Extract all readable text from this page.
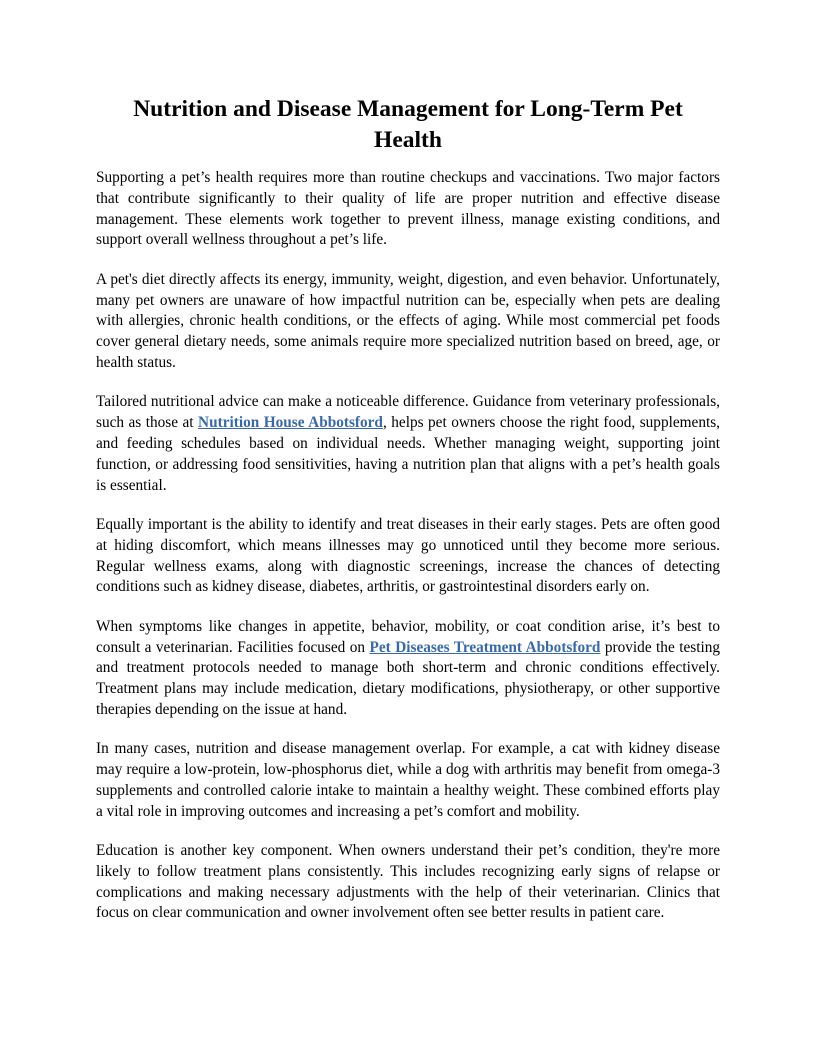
Nutrition and Disease Management for Long-Term Pet Health

Supporting a pet’s health requires more than routine checkups and vaccinations. Two major factors that contribute significantly to their quality of life are proper nutrition and effective disease management. These elements work together to prevent illness, manage existing conditions, and support overall wellness throughout a pet’s life.

A pet's diet directly affects its energy, immunity, weight, digestion, and even behavior. Unfortunately, many pet owners are unaware of how impactful nutrition can be, especially when pets are dealing with allergies, chronic health conditions, or the effects of aging. While most commercial pet foods cover general dietary needs, some animals require more specialized nutrition based on breed, age, or health status.

Tailored nutritional advice can make a noticeable difference. Guidance from veterinary professionals, such as those at Nutrition House Abbotsford, helps pet owners choose the right food, supplements, and feeding schedules based on individual needs. Whether managing weight, supporting joint function, or addressing food sensitivities, having a nutrition plan that aligns with a pet’s health goals is essential.

Equally important is the ability to identify and treat diseases in their early stages. Pets are often good at hiding discomfort, which means illnesses may go unnoticed until they become more serious. Regular wellness exams, along with diagnostic screenings, increase the chances of detecting conditions such as kidney disease, diabetes, arthritis, or gastrointestinal disorders early on.

When symptoms like changes in appetite, behavior, mobility, or coat condition arise, it’s best to consult a veterinarian. Facilities focused on Pet Diseases Treatment Abbotsford provide the testing and treatment protocols needed to manage both short-term and chronic conditions effectively. Treatment plans may include medication, dietary modifications, physiotherapy, or other supportive therapies depending on the issue at hand.

In many cases, nutrition and disease management overlap. For example, a cat with kidney disease may require a low-protein, low-phosphorus diet, while a dog with arthritis may benefit from omega-3 supplements and controlled calorie intake to maintain a healthy weight. These combined efforts play a vital role in improving outcomes and increasing a pet’s comfort and mobility.

Education is another key component. When owners understand their pet’s condition, they're more likely to follow treatment plans consistently. This includes recognizing early signs of relapse or complications and making necessary adjustments with the help of their veterinarian. Clinics that focus on clear communication and owner involvement often see better results in patient care.
